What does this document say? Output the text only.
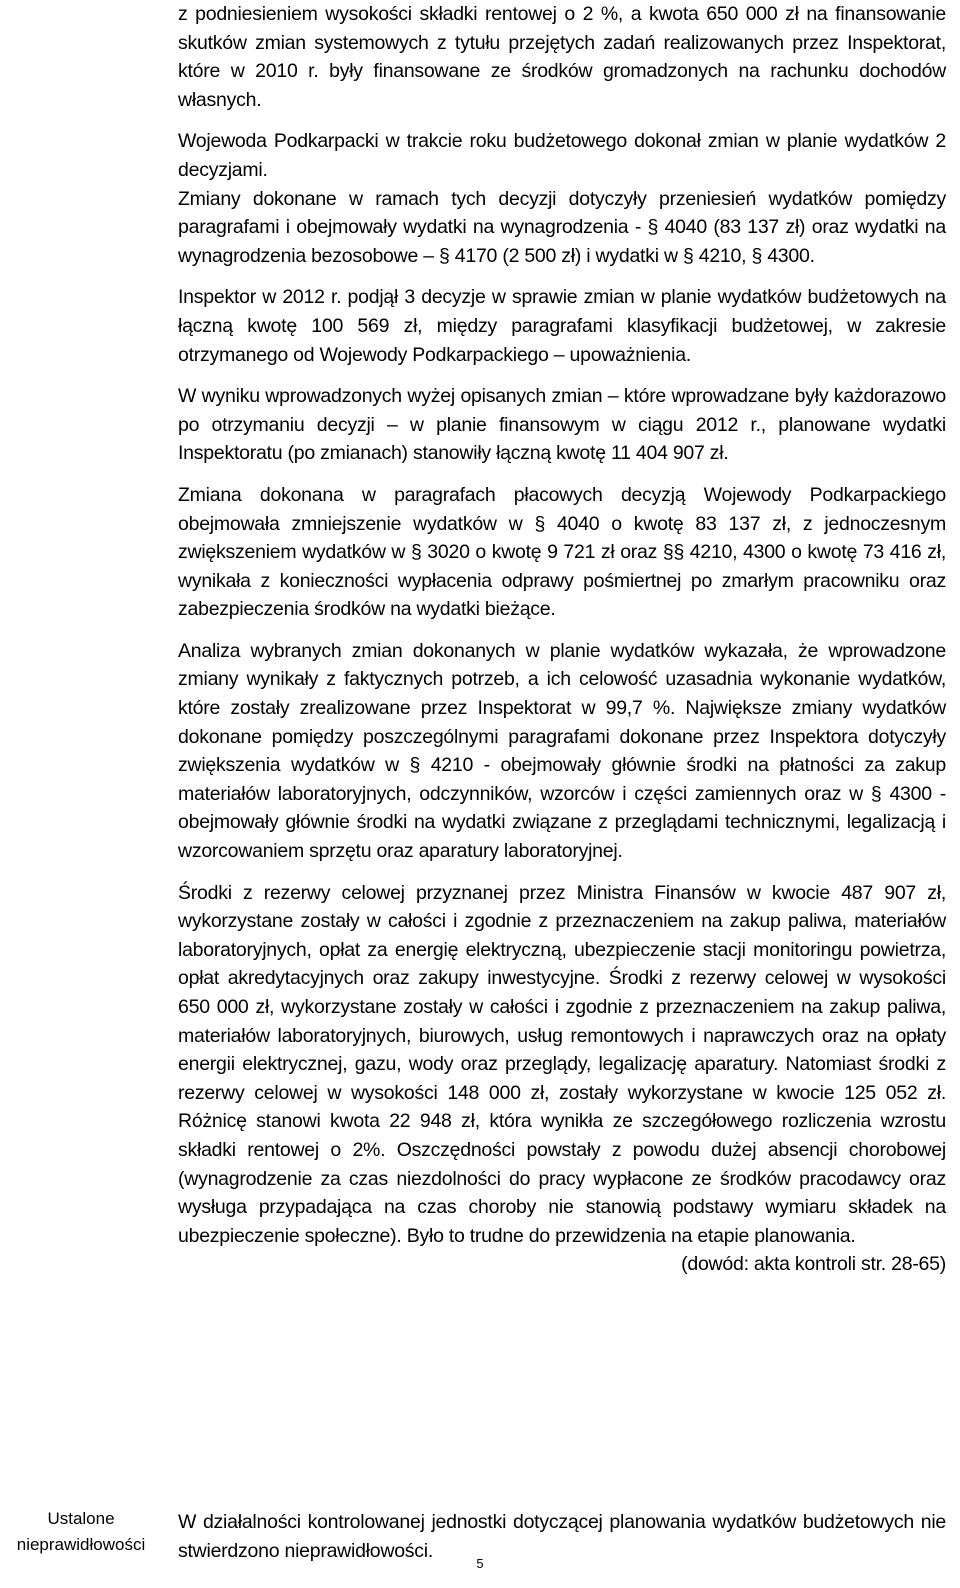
z podniesieniem wysokości składki rentowej o 2 %, a kwota 650 000 zł na finansowanie skutków zmian systemowych z tytułu przejętych zadań realizowanych przez Inspektorat, które w 2010 r. były finansowane ze środków gromadzonych na rachunku dochodów własnych.

Wojewoda Podkarpacki w trakcie roku budżetowego dokonał zmian w planie wydatków 2 decyzjami.

Zmiany dokonane w ramach tych decyzji dotyczyły przeniesień wydatków pomiędzy paragrafami i obejmowały wydatki na wynagrodzenia - § 4040 (83 137 zł) oraz wydatki na wynagrodzenia bezosobowe – § 4170 (2 500 zł) i wydatki w § 4210, § 4300.

Inspektor w 2012 r. podjął 3 decyzje w sprawie zmian w planie wydatków budżetowych na łączną kwotę 100 569 zł, między paragrafami klasyfikacji budżetowej, w zakresie otrzymanego od Wojewody Podkarpackiego – upoważnienia.

W wyniku wprowadzonych wyżej opisanych zmian – które wprowadzane były każdorazowo po otrzymaniu decyzji – w planie finansowym w ciągu 2012 r., planowane wydatki Inspektoratu (po zmianach) stanowiły łączną kwotę 11 404 907 zł.

Zmiana dokonana w paragrafach płacowych decyzją Wojewody Podkarpackiego obejmowała zmniejszenie wydatków w § 4040 o kwotę 83 137 zł, z jednoczesnym zwiększeniem wydatków w § 3020 o kwotę 9 721 zł oraz §§ 4210, 4300 o kwotę 73 416 zł, wynikała z konieczności wypłacenia odprawy pośmiertnej po zmarłym pracowniku oraz zabezpieczenia środków na wydatki bieżące.

Analiza wybranych zmian dokonanych w planie wydatków wykazała, że wprowadzone zmiany wynikały z faktycznych potrzeb, a ich celowość uzasadnia wykonanie wydatków, które zostały zrealizowane przez Inspektorat w 99,7 %. Największe zmiany wydatków dokonane pomiędzy poszczególnymi paragrafami dokonane przez Inspektora dotyczyły zwiększenia wydatków w § 4210 - obejmowały głównie środki na płatności za zakup materiałów laboratoryjnych, odczynników, wzorców i części zamiennych oraz w § 4300 -obejmowały głównie środki na wydatki związane z przeglądami technicznymi, legalizacją i wzorcowaniem sprzętu oraz aparatury laboratoryjnej.

Środki z rezerwy celowej przyznanej przez Ministra Finansów w kwocie 487 907 zł, wykorzystane zostały w całości i zgodnie z przeznaczeniem na zakup paliwa, materiałów laboratoryjnych, opłat za energię elektryczną, ubezpieczenie stacji monitoringu powietrza, opłat akredytacyjnych oraz zakupy inwestycyjne. Środki z rezerwy celowej w wysokości 650 000 zł, wykorzystane zostały w całości i zgodnie z przeznaczeniem na zakup paliwa, materiałów laboratoryjnych, biurowych, usług remontowych i naprawczych oraz na opłaty energii elektrycznej, gazu, wody oraz przeglądy, legalizację aparatury. Natomiast środki z rezerwy celowej w wysokości 148 000 zł, zostały wykorzystane w kwocie 125 052 zł. Różnicę stanowi kwota 22 948 zł, która wynikła ze szczegółowego rozliczenia wzrostu składki rentowej o 2%. Oszczędności powstały z powodu dużej absencji chorobowej (wynagrodzenie za czas niezdolności do pracy wypłacone ze środków pracodawcy oraz wysługa przypadająca na czas choroby nie stanowią podstawy wymiaru składek na ubezpieczenie społeczne). Było to trudne do przewidzenia na etapie planowania.

(dowód: akta kontroli str. 28-65)

Ustalone nieprawidłowości

W działalności kontrolowanej jednostki dotyczącej planowania wydatków budżetowych nie stwierdzono nieprawidłowości.

5
